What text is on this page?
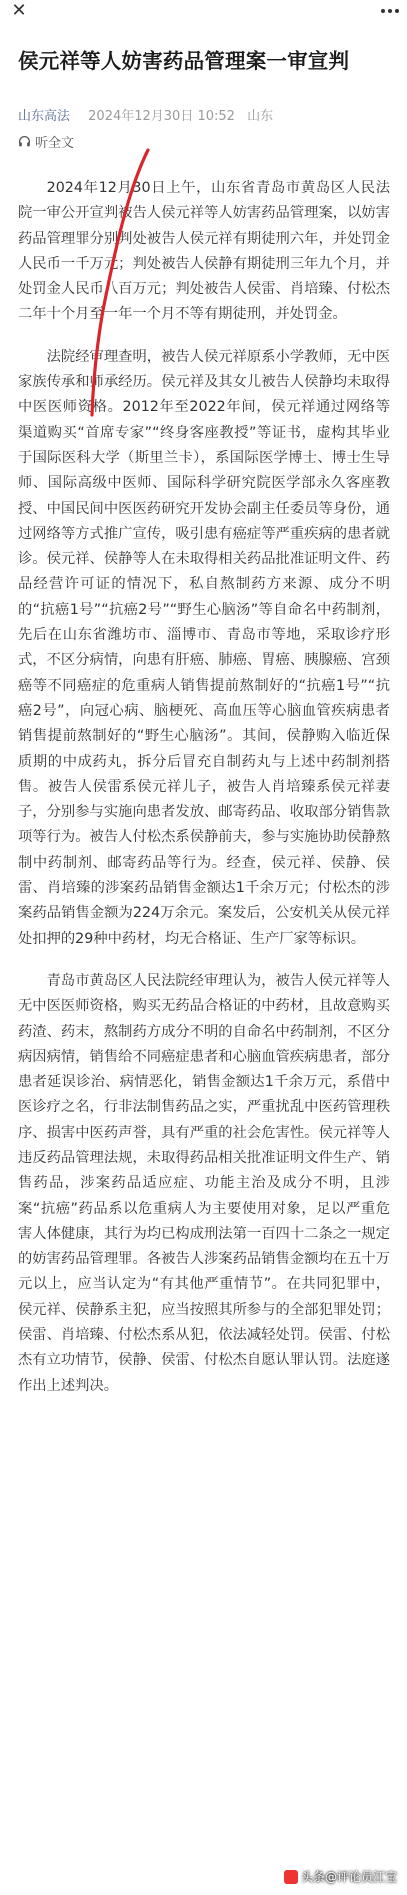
✕
侯元祥等人妨害药品管理案一审宣判
山东高法 2024年12月30日 10:52 山东
听全文

2024年12月30日上午，山东省青岛市黄岛区人民法院一审公开宣判被告人侯元祥等人妨害药品管理案，以妨害药品管理罪分别判处被告人侯元祥有期徒刑六年，并处罚金人民币一千万元；判处被告人侯静有期徒刑三年九个月，并处罚金人民币八百万元；判处被告人侯雷、肖培臻、付松杰二年十个月至一年一个月不等有期徒刑，并处罚金。

法院经审理查明，被告人侯元祥原系小学教师，无中医家族传承和师承经历。侯元祥及其女儿被告人侯静均未取得中医医师资格。2012年至2022年间，侯元祥通过网络等渠道购买“首席专家”“终身客座教授”等证书，虚构其毕业于国际医科大学（斯里兰卡），系国际医学博士、博士生导师、国际高级中医师、国际科学研究院医学部永久客座教授、中国民间中医医药研究开发协会副主任委员等身份，通过网络等方式推广宣传，吸引患有癌症等严重疾病的患者就诊。侯元祥、侯静等人在未取得相关药品批准证明文件、药品经营许可证的情况下，私自熬制药方来源、成分不明的“抗癌1号”“抗癌2号”“野生心脑汤”等自命名中药制剂，先后在山东省潍坊市、淄博市、青岛市等地，采取诊疗形式，不区分病情，向患有肝癌、肺癌、胃癌、胰腺癌、宫颈癌等不同癌症的危重病人销售提前熬制好的“抗癌1号”“抗癌2号”，向冠心病、脑梗死、高血压等心脑血管疾病患者销售提前熬制好的“野生心脑汤”。其间，侯静购入临近保质期的中成药丸，拆分后冒充自制药丸与上述中药制剂搭售。被告人侯雷系侯元祥儿子，被告人肖培臻系侯元祥妻子，分别参与实施向患者发放、邮寄药品、收取部分销售款项等行为。被告人付松杰系侯静前夫，参与实施协助侯静熬制中药制剂、邮寄药品等行为。经查，侯元祥、侯静、侯雷、肖培臻的涉案药品销售金额达1千余万元；付松杰的涉案药品销售金额为224万余元。案发后，公安机关从侯元祥处扣押的29种中药材，均无合格证、生产厂家等标识。

青岛市黄岛区人民法院经审理认为，被告人侯元祥等人无中医医师资格，购买无药品合格证的中药材，且故意购买药渣、药末，熬制药方成分不明的自命名中药制剂，不区分病因病情，销售给不同癌症患者和心脑血管疾病患者，部分患者延误诊治、病情恶化，销售金额达1千余万元，系借中医诊疗之名，行非法制售药品之实，严重扰乱中医药管理秩序、损害中医药声誉，具有严重的社会危害性。侯元祥等人违反药品管理法规，未取得药品相关批准证明文件生产、销售药品，涉案药品适应症、功能主治及成分不明，且涉案“抗癌”药品系以危重病人为主要使用对象，足以严重危害人体健康，其行为均已构成刑法第一百四十二条之一规定的妨害药品管理罪。各被告人涉案药品销售金额均在五十万元以上，应当认定为“有其他严重情节”。在共同犯罪中，侯元祥、侯静系主犯，应当按照其所参与的全部犯罪处罚；侯雷、肖培臻、付松杰系从犯，依法减轻处罚。侯雷、付松杰有立功情节，侯静、侯雷、付松杰自愿认罪认罚。法庭遂作出上述判决。

头条@评论员江宝
